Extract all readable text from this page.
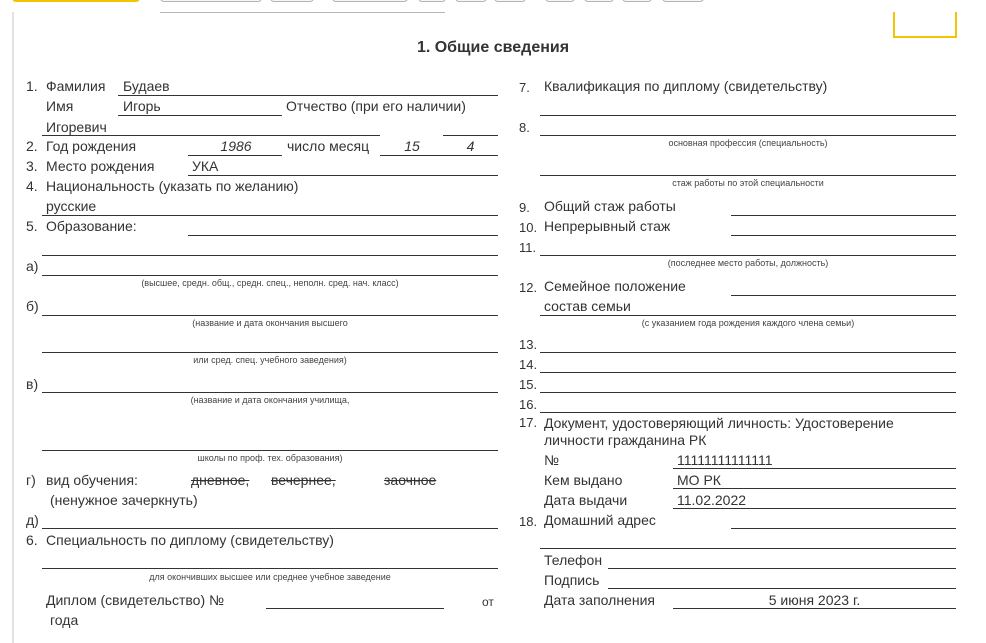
1. Общие сведения
1. Фамилия Будаев
Имя	Игорь	Отчество (при его наличии)
Игоревич
2. Год рождения	1986	число месяц	15	4
3. Место рождения	УКА
4. Национальность (указать по желанию)
русские
5. Образование:
а)
(высшее, средн. общ., средн. спец., неполн. сред. нач. класс)
б)
(название и дата окончания высшего
или сред. спец. учебного заведения)
в)
(название и дата окончания училища,
школы по проф. тех. образования)
г) вид обучения:	дневное, вечернее,	заочное
(ненужное зачеркнуть)
д)
6. Специальность по диплому (свидетельству)
для окончивших высшее или среднее учебное заведение
Диплом (свидетельство) №	от
года
7. Квалификация по диплому (свидетельству)
8.
основная профессия (специальность)
стаж работы по этой специальности
9. Общий стаж работы
10. Непрерывный стаж
11.
(последнее место работы, должность)
12. Семейное положение
состав семьи
(с указанием года рождения каждого члена семьи)
13.
14.
15.
16.
17. Документ, удостоверяющий личность: Удостоверение
личности гражданина РК
№	11111111111111
Кем выдано	МО РК
Дата выдачи	11.02.2022
18. Домашний адрес
Телефон
Подпись
Дата заполнения	5 июня 2023 г.
